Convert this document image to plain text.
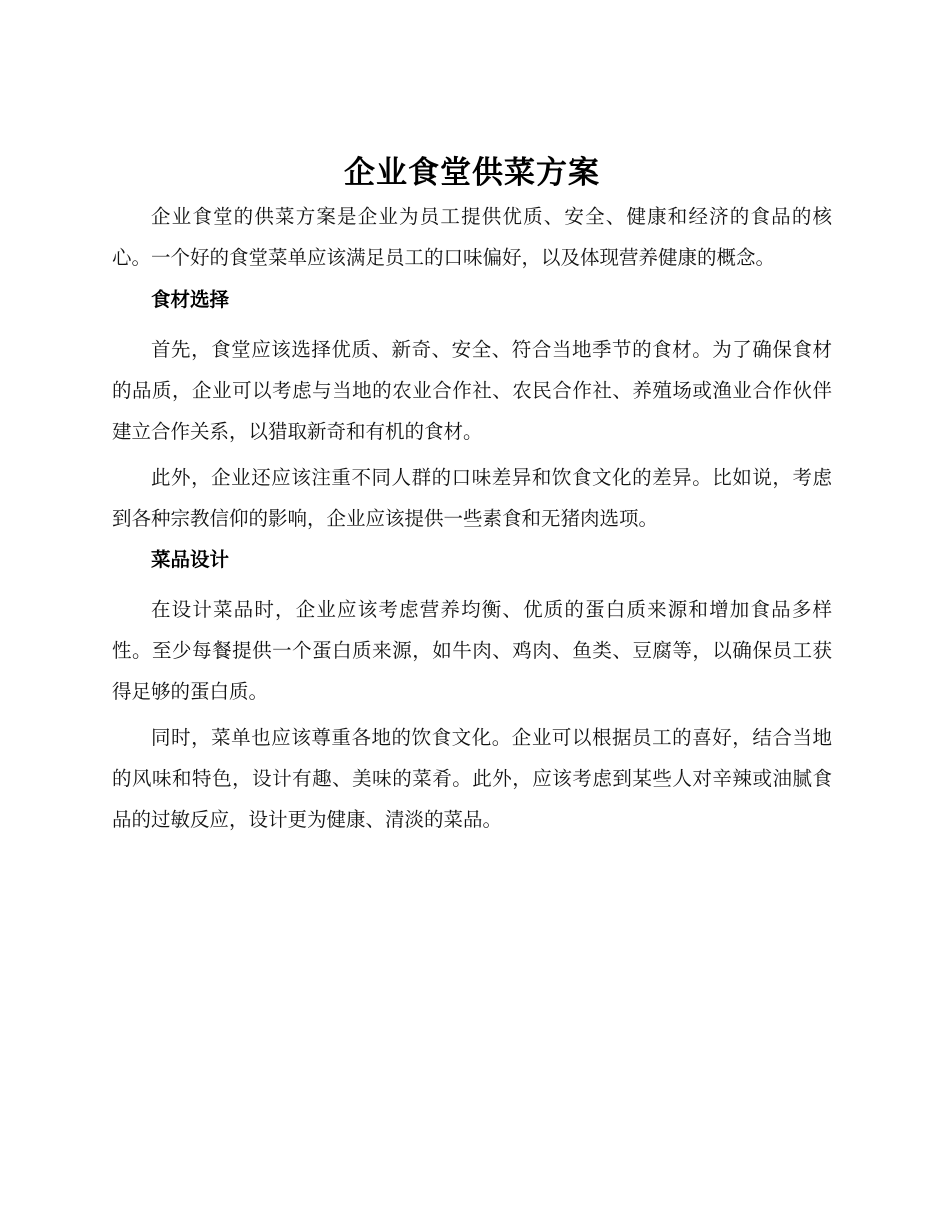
企业食堂供菜方案

企业食堂的供菜方案是企业为员工提供优质、安全、健康和经济的食品的核心。一个好的食堂菜单应该满足员工的口味偏好，以及体现营养健康的概念。

食材选择

首先，食堂应该选择优质、新奇、安全、符合当地季节的食材。为了确保食材的品质，企业可以考虑与当地的农业合作社、农民合作社、养殖场或渔业合作伙伴建立合作关系，以猎取新奇和有机的食材。

此外，企业还应该注重不同人群的口味差异和饮食文化的差异。比如说，考虑到各种宗教信仰的影响，企业应该提供一些素食和无猪肉选项。

菜品设计

在设计菜品时，企业应该考虑营养均衡、优质的蛋白质来源和增加食品多样性。至少每餐提供一个蛋白质来源，如牛肉、鸡肉、鱼类、豆腐等，以确保员工获得足够的蛋白质。

同时，菜单也应该尊重各地的饮食文化。企业可以根据员工的喜好，结合当地的风味和特色，设计有趣、美味的菜肴。此外，应该考虑到某些人对辛辣或油腻食品的过敏反应，设计更为健康、清淡的菜品。
